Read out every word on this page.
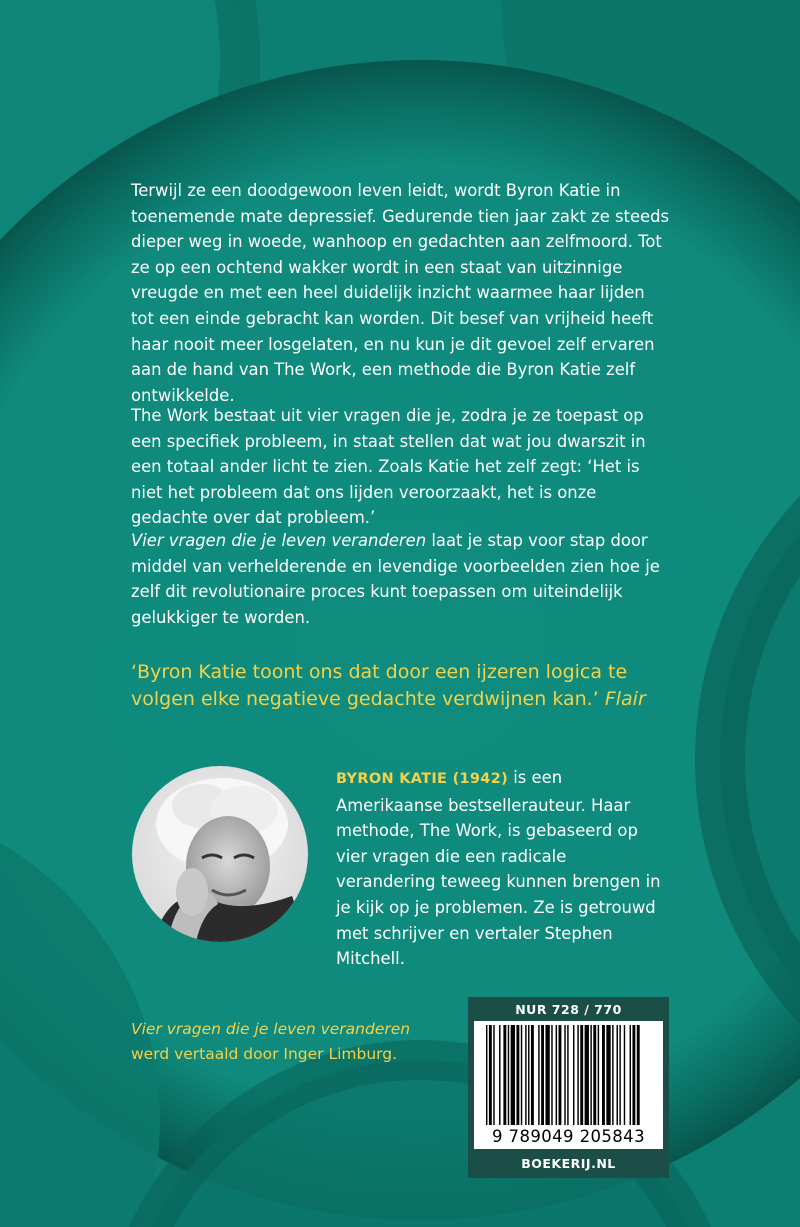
Terwijl ze een doodgewoon leven leidt, wordt Byron Katie in toenemende mate depressief. Gedurende tien jaar zakt ze steeds dieper weg in woede, wanhoop en gedachten aan zelfmoord. Tot ze op een ochtend wakker wordt in een staat van uitzinnige vreugde en met een heel duidelijk inzicht waarmee haar lijden tot een einde gebracht kan worden. Dit besef van vrijheid heeft haar nooit meer losgelaten, en nu kun je dit gevoel zelf ervaren aan de hand van The Work, een methode die Byron Katie zelf ontwikkelde.

The Work bestaat uit vier vragen die je, zodra je ze toepast op een specifiek probleem, in staat stellen dat wat jou dwarszit in een totaal ander licht te zien. Zoals Katie het zelf zegt: ‘Het is niet het probleem dat ons lijden veroorzaakt, het is onze gedachte over dat probleem.’

Vier vragen die je leven veranderen laat je stap voor stap door middel van verhelderende en levendige voorbeelden zien hoe je zelf dit revolutionaire proces kunt toepassen om uiteindelijk gelukkiger te worden.

‘Byron Katie toont ons dat door een ijzeren logica te volgen elke negatieve gedachte verdwijnen kan.’ Flair

BYRON KATIE (1942) is een Amerikaanse bestsellerauteur. Haar methode, The Work, is gebaseerd op vier vragen die een radicale verandering teweeg kunnen brengen in je kijk op je problemen. Ze is getrouwd met schrijver en vertaler Stephen Mitchell.

Vier vragen die je leven veranderen
werd vertaald door Inger Limburg.

NUR 728 / 770
9 789049 205843
BOEKERIJ.NL
